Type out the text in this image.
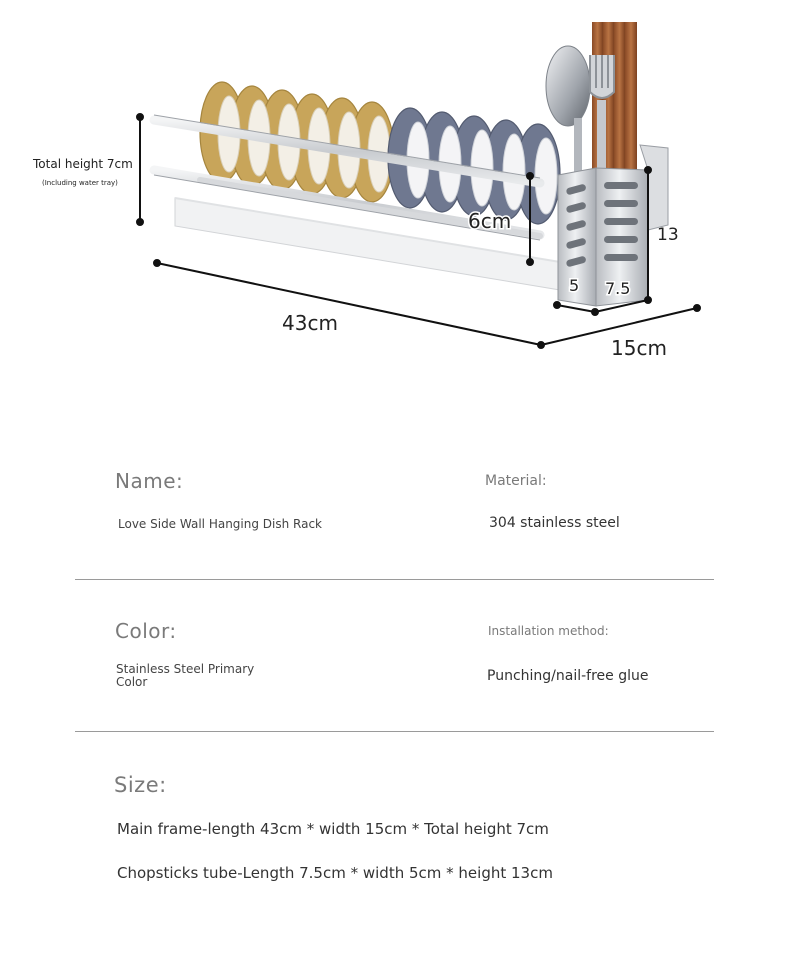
Total height 7cm
(Including water tray)
43cm
15cm
6cm
13
5 7.5
Name:
Love Side Wall Hanging Dish Rack
Material:
304 stainless steel
Color:
Stainless Steel Primary Color
Installation method:
Punching/nail-free glue
Size:
Main frame-length 43cm * width 15cm * Total height 7cm
Chopsticks tube-Length 7.5cm * width 5cm * height 13cm
